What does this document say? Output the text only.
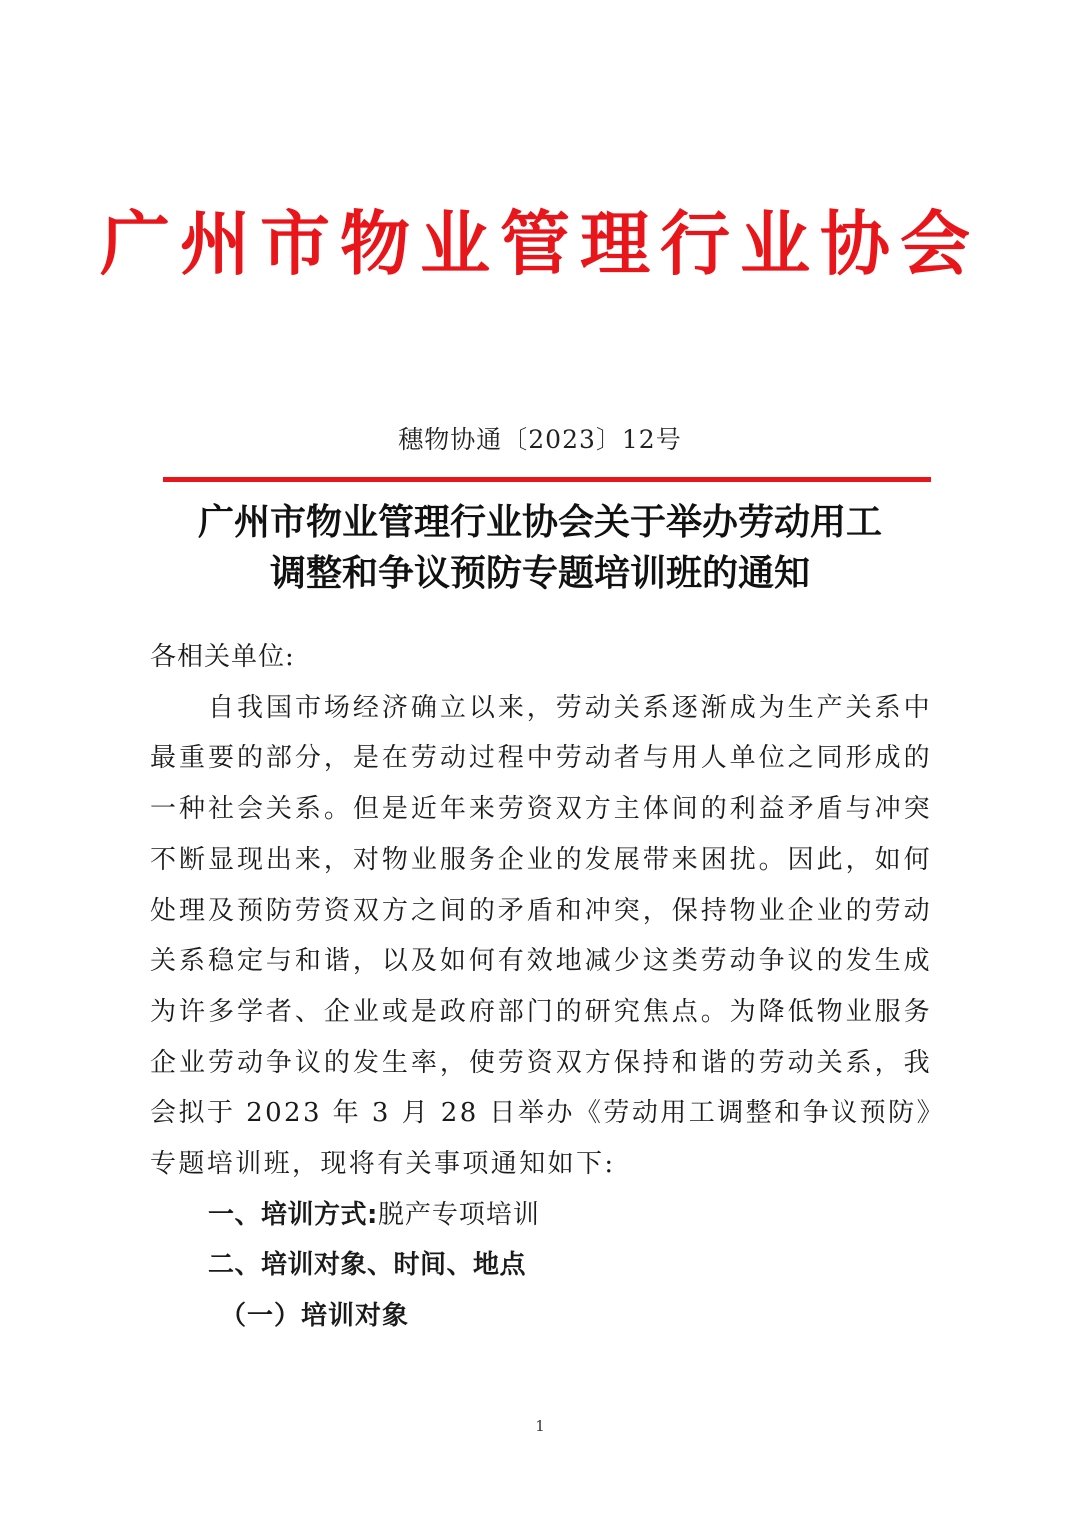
广州市物业管理行业协会
穗物协通〔2023〕12号
广州市物业管理行业协会关于举办劳动用工
调整和争议预防专题培训班的通知

各相关单位:

自我国市场经济确立以来，劳动关系逐渐成为生产关系中最重要的部分，是在劳动过程中劳动者与用人单位之同形成的一种社会关系。但是近年来劳资双方主体间的利益矛盾与冲突不断显现出来，对物业服务企业的发展带来困扰。因此，如何处理及预防劳资双方之间的矛盾和冲突，保持物业企业的劳动关系稳定与和谐，以及如何有效地减少这类劳动争议的发生成为许多学者、企业或是政府部门的研究焦点。为降低物业服务企业劳动争议的发生率，使劳资双方保持和谐的劳动关系，我会拟于 2023 年 3 月 28 日举办《劳动用工调整和争议预防》专题培训班，现将有关事项通知如下:

一、培训方式:脱产专项培训

二、培训对象、时间、地点

（一）培训对象

1
